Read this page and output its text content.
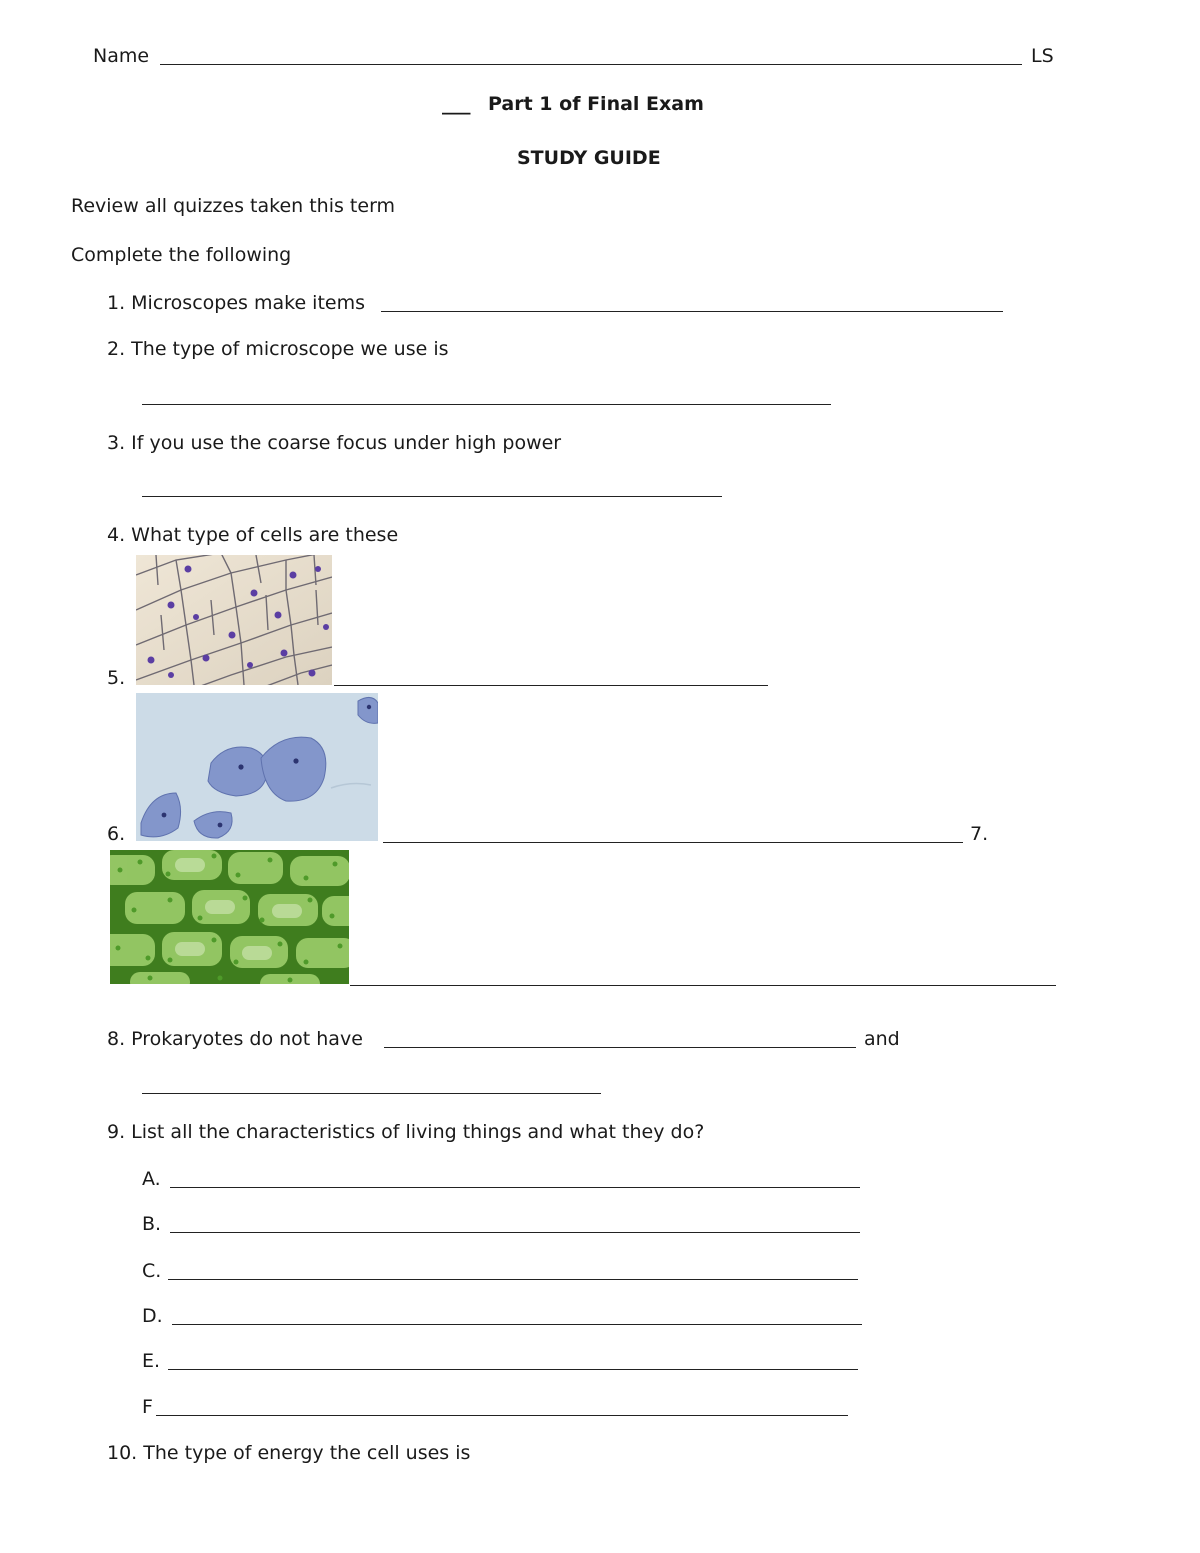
Name	LS
___ Part 1 of Final Exam
STUDY GUIDE
Review all quizzes taken this term
Complete the following
1. Microscopes make items
2. The type of microscope we use is
3. If you use the coarse focus under high power
4. What type of cells are these
5.
6.	7.
8. Prokaryotes do not have	and
9. List all the characteristics of living things and what they do?
A.
B.
C.
D.
E.
F
10. The type of energy the cell uses is
